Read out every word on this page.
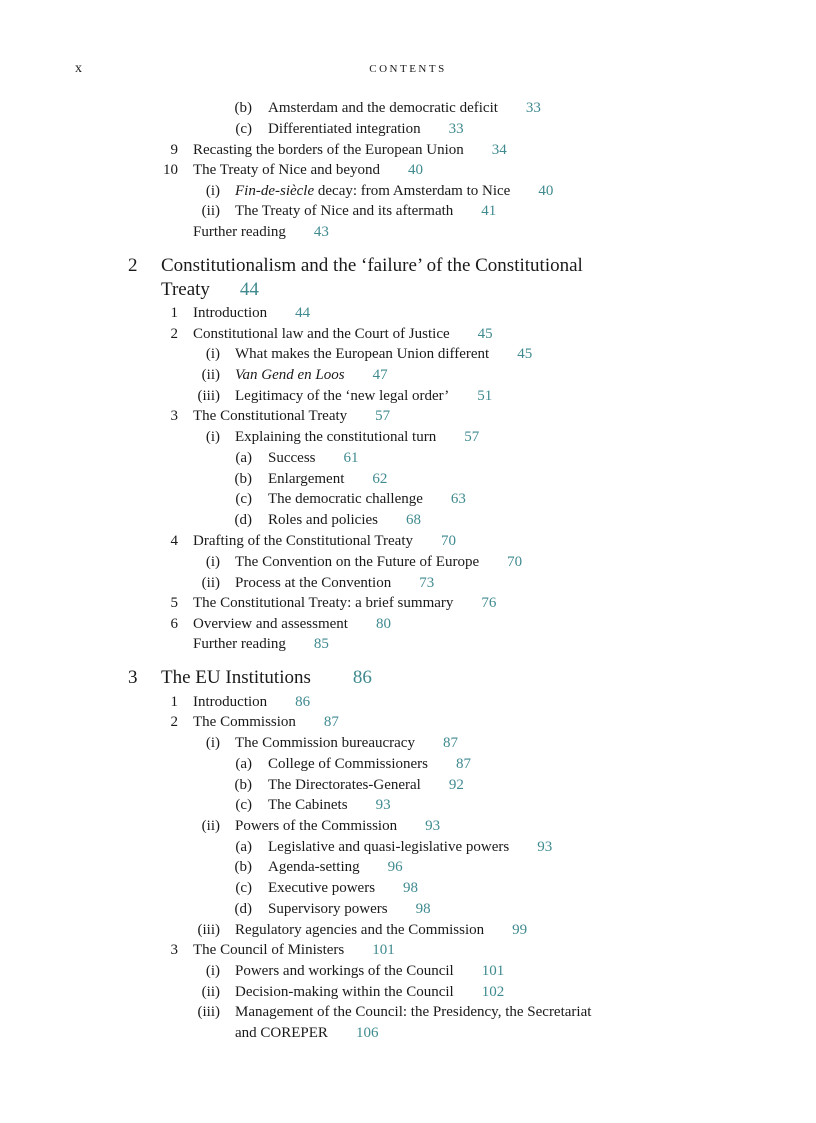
x	CONTENTS
(b) Amsterdam and the democratic deficit 33
(c) Differentiated integration 33
9 Recasting the borders of the European Union 34
10 The Treaty of Nice and beyond 40
(i) Fin-de-siècle decay: from Amsterdam to Nice 40
(ii) The Treaty of Nice and its aftermath 41
Further reading 43
2 Constitutionalism and the ‘failure’ of the Constitutional
Treaty 44
1 Introduction 44
2 Constitutional law and the Court of Justice 45
(i) What makes the European Union different 45
(ii) Van Gend en Loos 47
(iii) Legitimacy of the ‘new legal order’ 51
3 The Constitutional Treaty 57
(i) Explaining the constitutional turn 57
(a) Success 61
(b) Enlargement 62
(c) The democratic challenge 63
(d) Roles and policies 68
4 Drafting of the Constitutional Treaty 70
(i) The Convention on the Future of Europe 70
(ii) Process at the Convention 73
5 The Constitutional Treaty: a brief summary 76
6 Overview and assessment 80
Further reading 85
3 The EU Institutions 86
1 Introduction 86
2 The Commission 87
(i) The Commission bureaucracy 87
(a) College of Commissioners 87
(b) The Directorates-General 92
(c) The Cabinets 93
(ii) Powers of the Commission 93
(a) Legislative and quasi-legislative powers 93
(b) Agenda-setting 96
(c) Executive powers 98
(d) Supervisory powers 98
(iii) Regulatory agencies and the Commission 99
3 The Council of Ministers 101
(i) Powers and workings of the Council 101
(ii) Decision-making within the Council 102
(iii) Management of the Council: the Presidency, the Secretariat
and COREPER 106
